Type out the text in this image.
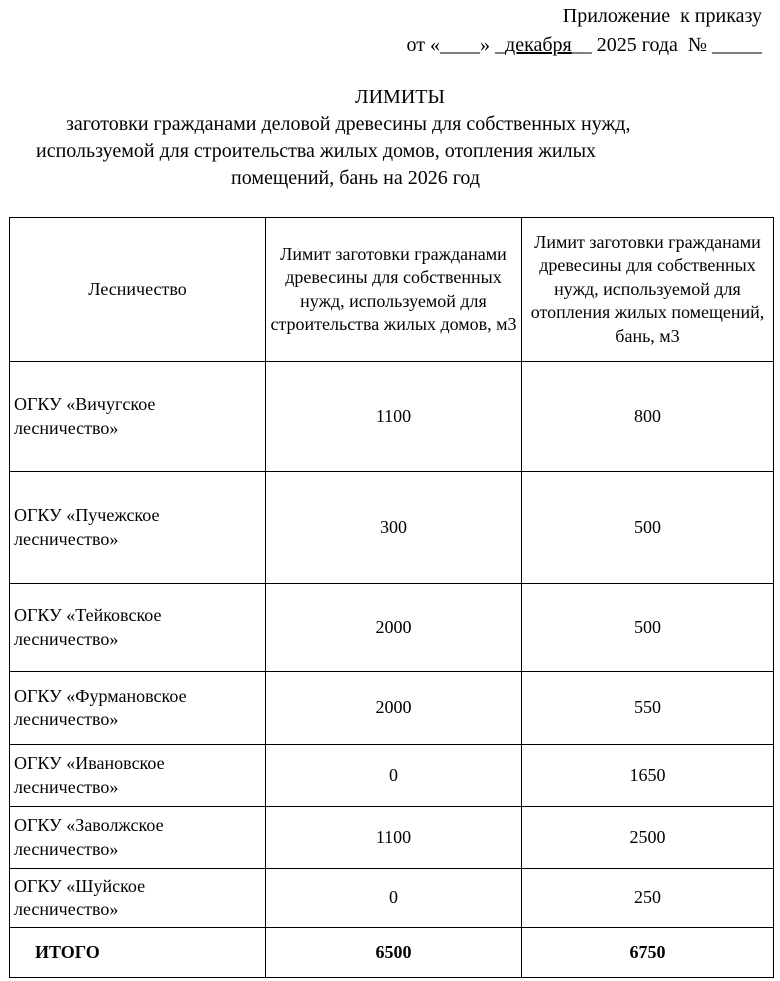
Приложение  к приказу
от «____» _декабря__ 2025 года  № _____
ЛИМИТЫ
заготовки гражданами деловой древесины для собственных нужд,
используемой для строительства жилых домов, отопления жилых
помещений, бань на 2026 год
Лесничество	Лимит заготовки гражданами древесины для собственных нужд, используемой для строительства жилых домов, м3	Лимит заготовки гражданами древесины для собственных нужд, используемой для отопления жилых помещений, бань, м3
ОГКУ «Вичугское
лесничество»	1100	800
ОГКУ «Пучежское
лесничество»	300	500
ОГКУ «Тейковское
лесничество»	2000	500
ОГКУ «Фурмановское
лесничество»	2000	550
ОГКУ «Ивановское
лесничество»	0	1650
ОГКУ «Заволжское
лесничество»	1100	2500
ОГКУ «Шуйское
лесничество»	0	250
ИТОГО	6500	6750
